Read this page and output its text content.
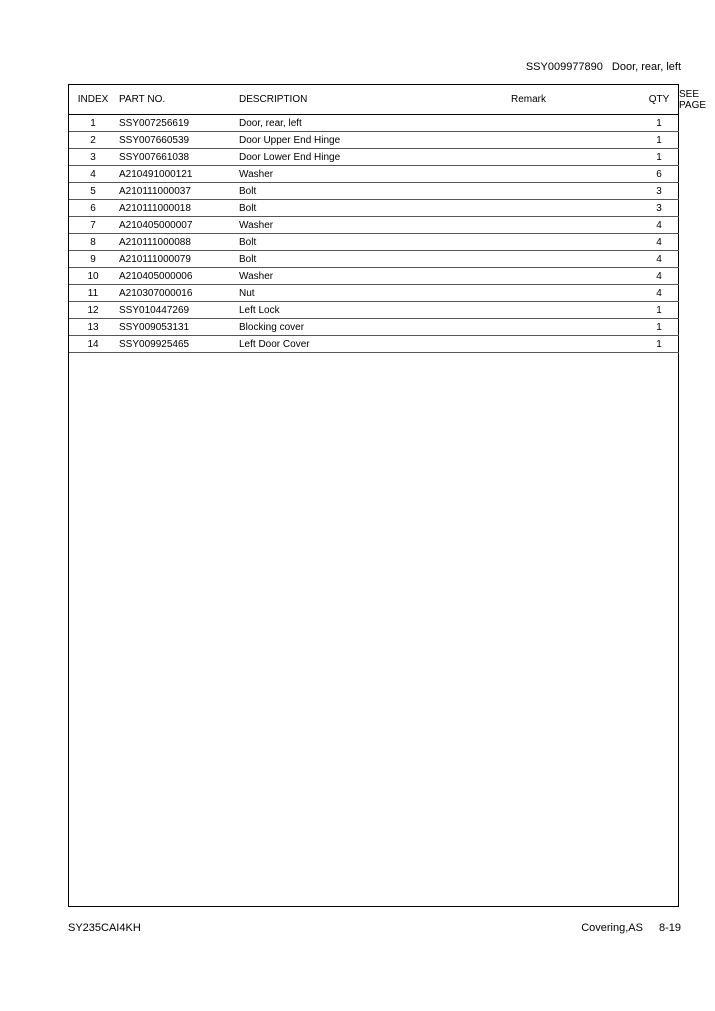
SSY009977890 Door, rear, left
INDEX	PART NO.	DESCRIPTION	Remark	QTY	SEE
PAGE
1	SSY007256619	Door, rear, left		1	
2	SSY007660539	Door Upper End Hinge		1	
3	SSY007661038	Door Lower End Hinge		1	
4	A210491000121	Washer		6	
5	A210111000037	Bolt		3	
6	A210111000018	Bolt		3	
7	A210405000007	Washer		4	
8	A210111000088	Bolt		4	
9	A210111000079	Bolt		4	
10	A210405000006	Washer		4	
11	A210307000016	Nut		4	
12	SSY010447269	Left Lock		1	
13	SSY009053131	Blocking cover		1	
14	SSY009925465	Left Door Cover		1	
SY235CAI4KH	Covering,AS 8-19
